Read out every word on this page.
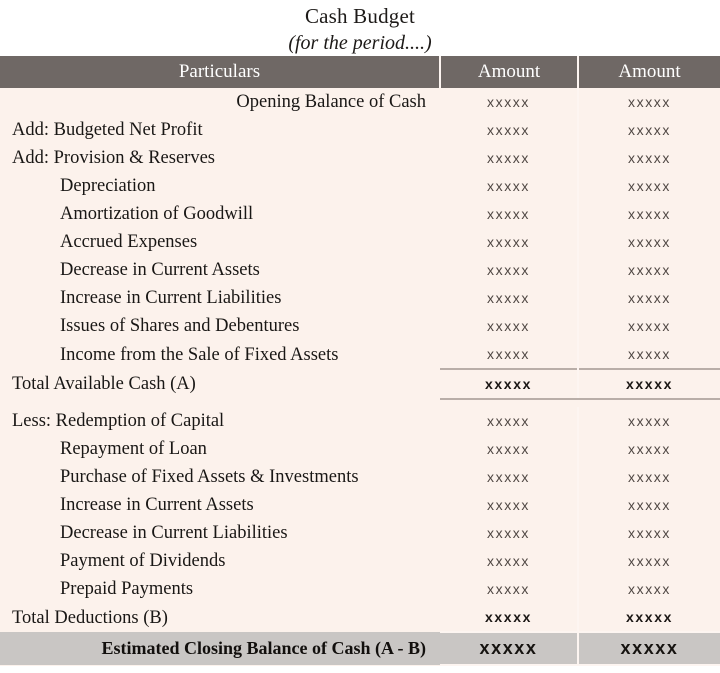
Cash Budget
(for the period....)
Particulars	Amount	Amount
Opening Balance of Cash	xxxxx	xxxxx
Add: Budgeted Net Profit	xxxxx	xxxxx
Add: Provision & Reserves	xxxxx	xxxxx
Depreciation	xxxxx	xxxxx
Amortization of Goodwill	xxxxx	xxxxx
Accrued Expenses	xxxxx	xxxxx
Decrease in Current Assets	xxxxx	xxxxx
Increase in Current Liabilities	xxxxx	xxxxx
Issues of Shares and Debentures	xxxxx	xxxxx
Income from the Sale of Fixed Assets	xxxxx	xxxxx
Total Available Cash (A)	xxxxx	xxxxx

Less: Redemption of Capital	xxxxx	xxxxx
Repayment of Loan	xxxxx	xxxxx
Purchase of Fixed Assets & Investments	xxxxx	xxxxx
Increase in Current Assets	xxxxx	xxxxx
Decrease in Current Liabilities	xxxxx	xxxxx
Payment of Dividends	xxxxx	xxxxx
Prepaid Payments	xxxxx	xxxxx
Total Deductions (B)	xxxxx	xxxxx
Estimated Closing Balance of Cash (A - B)	xxxxx	xxxxx
